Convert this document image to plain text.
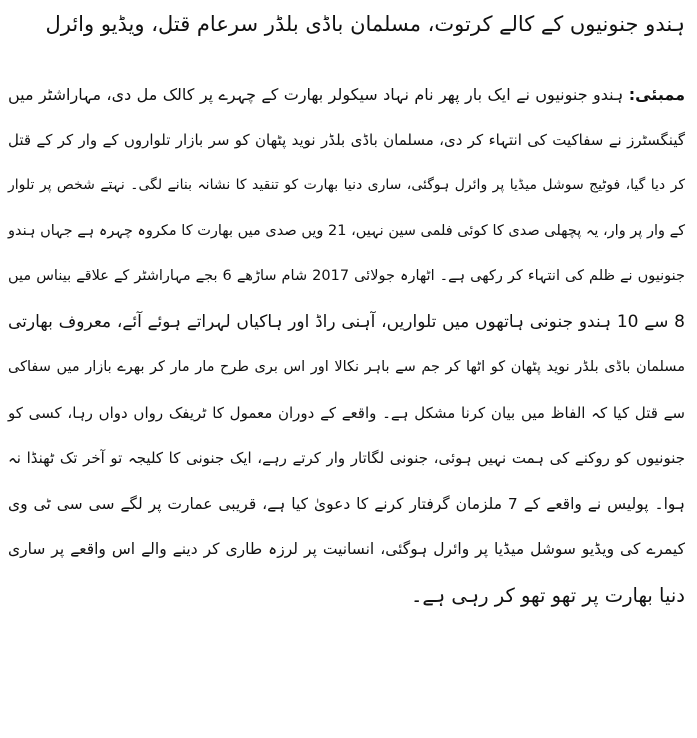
ہندو جنونیوں کے کالے کرتوت، مسلمان باڈی بلڈر سرعام قتل، ویڈیو وائرل
ممبئی: ہندو جنونیوں نے ایک بار پھر نام نہاد سیکولر بھارت کے چہرے پر کالک مل دی، مہاراشٹر میں
گینگسٹرز نے سفاکیت کی انتہاء کر دی، مسلمان باڈی بلڈر نوید پٹھان کو سر بازار تلواروں کے وار کر کے قتل
کر دیا گیا، فوٹیج سوشل میڈیا پر وائرل ہوگئی، ساری دنیا بھارت کو تنقید کا نشانہ بنانے لگی۔ نہتے شخص پر تلوار
کے وار پر وار، یہ پچھلی صدی کا کوئی فلمی سین نہیں، 21 ویں صدی میں بھارت کا مکروہ چہرہ ہے جہاں ہندو
جنونیوں نے ظلم کی انتہاء کر رکھی ہے۔ اٹھارہ جولائی 2017 شام ساڑھے 6 بجے مہاراشٹر کے علاقے بیناس میں
8 سے 10 ہندو جنونی ہاتھوں میں تلواریں، آہنی راڈ اور ہاکیاں لہراتے ہوئے آئے، معروف بھارتی
مسلمان باڈی بلڈر نوید پٹھان کو اٹھا کر جم سے باہر نکالا اور اس بری طرح مار مار کر بھرے بازار میں سفاکی
سے قتل کیا کہ الفاظ میں بیان کرنا مشکل ہے۔ واقعے کے دوران معمول کا ٹریفک رواں دواں رہا، کسی کو
جنونیوں کو روکنے کی ہمت نہیں ہوئی، جنونی لگاتار وار کرتے رہے، ایک جنونی کا کلیجہ تو آخر تک ٹھنڈا نہ
ہوا۔ پولیس نے واقعے کے 7 ملزمان گرفتار کرنے کا دعویٰ کیا ہے، قریبی عمارت پر لگے سی سی ٹی وی
کیمرے کی ویڈیو سوشل میڈیا پر وائرل ہوگئی، انسانیت پر لرزہ طاری کر دینے والے اس واقعے پر ساری
دنیا بھارت پر تھو تھو کر رہی ہے۔
